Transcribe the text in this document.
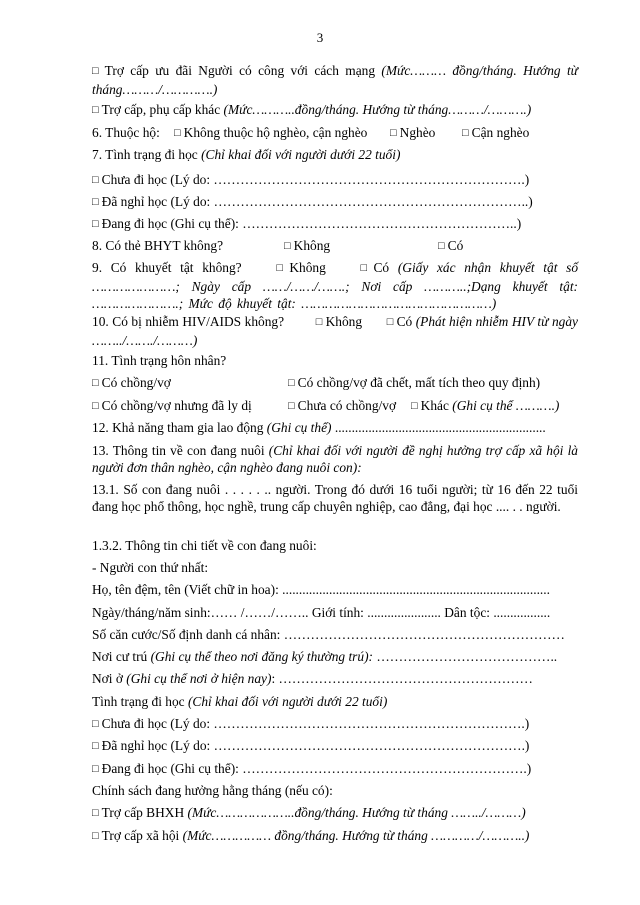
3
□ Trợ cấp ưu đãi Người có công với cách mạng (Mức……… đồng/tháng. Hướng từ tháng………/………….)
□ Trợ cấp, phụ cấp khác (Mức………..đồng/tháng. Hướng từ tháng………/……….)
6. Thuộc hộ: □ Không thuộc hộ nghèo, cận nghèo □ Nghèo □ Cận nghèo
7. Tình trạng đi học (Chỉ khai đối với người dưới 22 tuổi)
□ Chưa đi học (Lý do: …………………………………………………………….)
□ Đã nghỉ học (Lý do: ……………………………………………………………..)
□ Đang đi học (Ghi cụ thể): ……………………………………………………..)
8. Có thẻ BHYT không?	□ Không	□ Có
9. Có khuyết tật không?	□ Không	□ Có (Giấy xác nhận khuyết tật số …………………; Ngày cấp ……/……/…….; Nơi cấp ………..;Dạng khuyết tật: ………………….; Mức độ khuyết tật: …………………………………………)
10. Có bị nhiễm HIV/AIDS không?	□ Không □ Có (Phát hiện nhiễm HIV từ ngày ……../……./………)
11. Tình trạng hôn nhân?
□ Có chồng/vợ	□ Có chồng/vợ đã chết, mất tích theo quy định)
□ Có chồng/vợ nhưng đã ly dị	□ Chưa có chồng/vợ □ Khác (Ghi cụ thể ……….)
12. Khả năng tham gia lao động (Ghi cụ thể) ...............................................................
13. Thông tin về con đang nuôi (Chỉ khai đối với người đề nghị hưởng trợ cấp xã hội là người đơn thân nghèo, cận nghèo đang nuôi con):
13.1. Số con đang nuôi . . . . . .. người. Trong đó dưới 16 tuổi người; từ 16 đến 22 tuổi đang học phổ thông, học nghề, trung cấp chuyên nghiệp, cao đẳng, đại học .... . . người.
1.3.2. Thông tin chi tiết về con đang nuôi:
- Người con thứ nhất:
Họ, tên đệm, tên (Viết chữ in hoa): ................................................................................
Ngày/tháng/năm sinh:…… /……/…….. Giới tính: ...................... Dân tộc: .................
Số căn cước/Số định danh cá nhân: ………………………………………………………
Nơi cư trú (Ghi cụ thể theo nơi đăng ký thường trú): …………………………………..
Nơi ở (Ghi cụ thể nơi ở hiện nay): …………………………………………………
Tình trạng đi học (Chỉ khai đối với người dưới 22 tuổi)
□ Chưa đi học (Lý do: …………………………………………………………….)
□ Đã nghỉ học (Lý do: …………………………………………………………….)
□ Đang đi học (Ghi cụ thể): ……………………………………………………….)
Chính sách đang hưởng hằng tháng (nếu có):
□ Trợ cấp BHXH (Mức………………..đồng/tháng. Hướng từ tháng ……../………)
□ Trợ cấp xã hội (Mức…………… đồng/tháng. Hướng từ tháng …………/………..)
